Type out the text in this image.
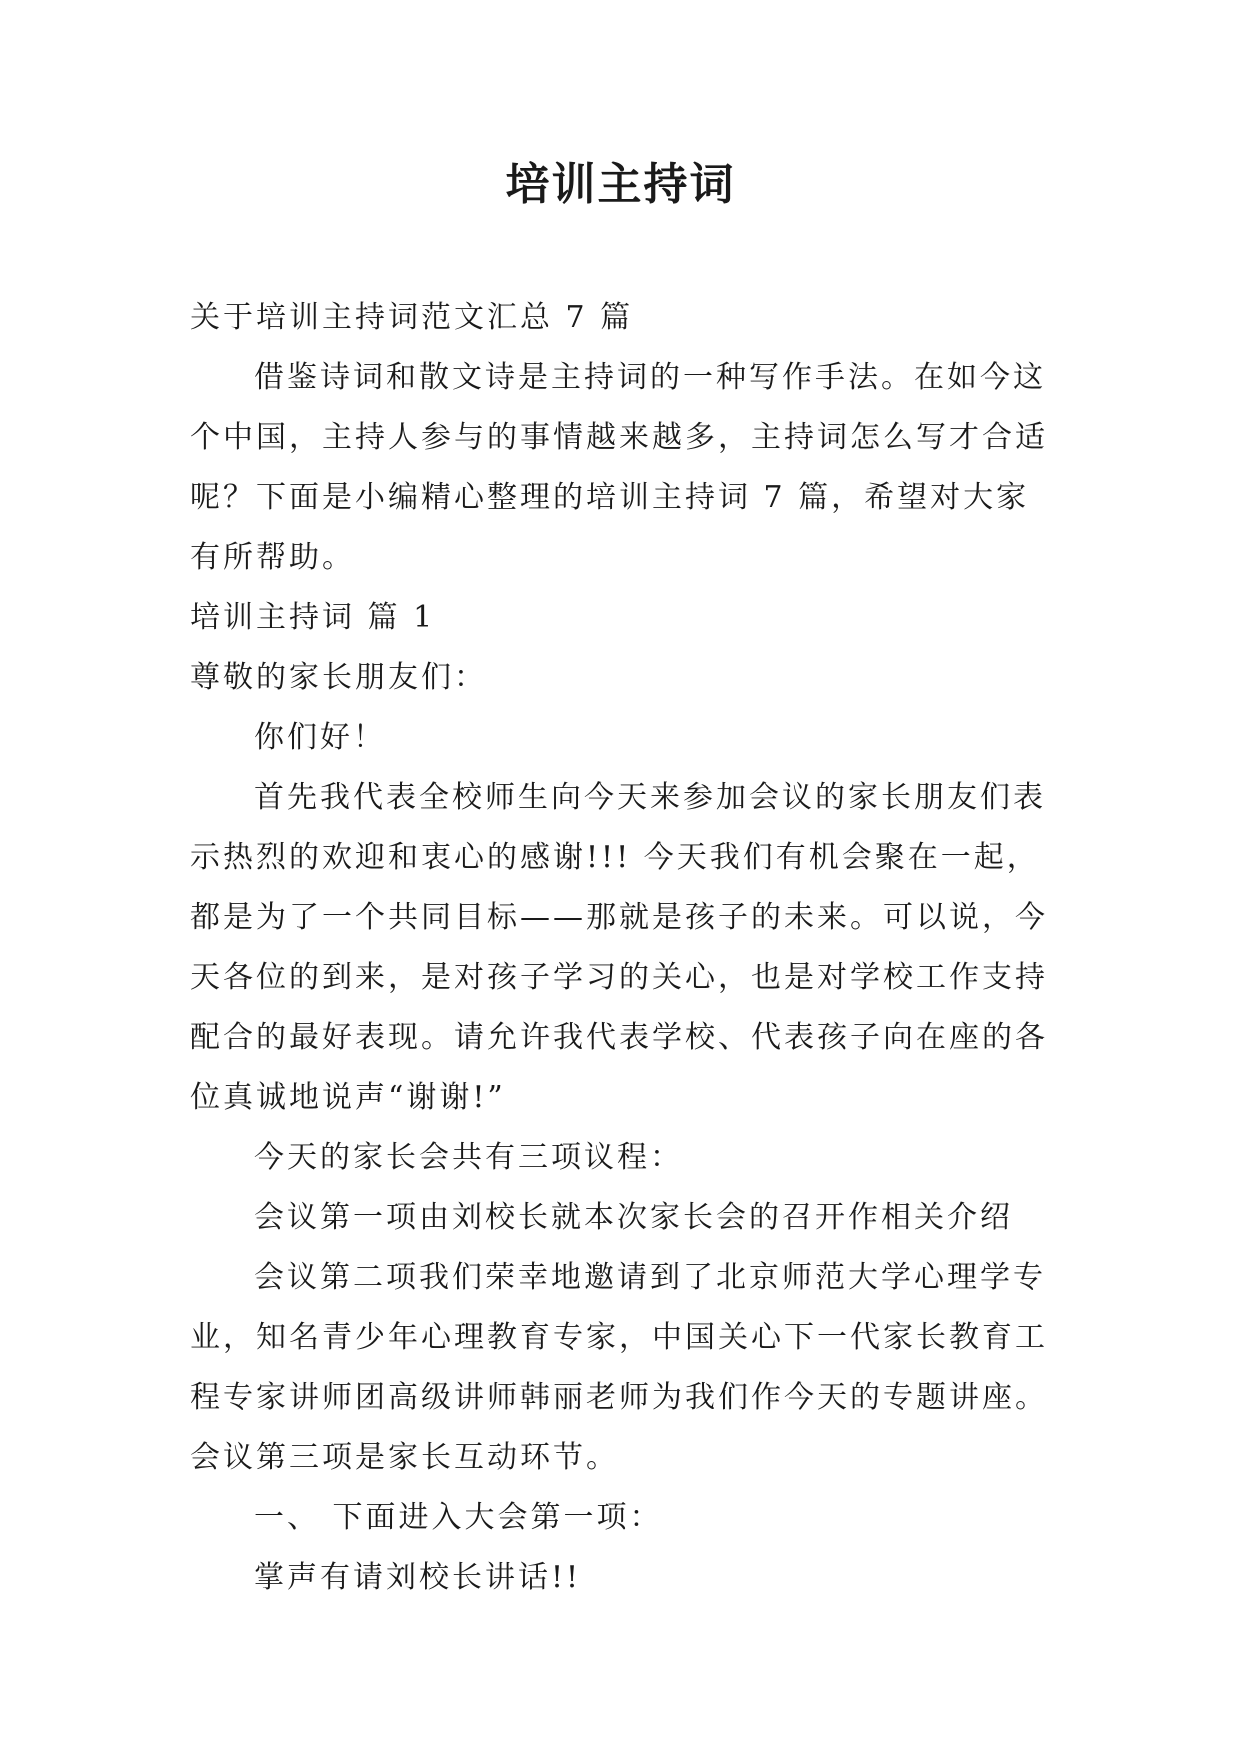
培训主持词

关于培训主持词范文汇总 7 篇

借鉴诗词和散文诗是主持词的一种写作手法。在如今这个中国，主持人参与的事情越来越多，主持词怎么写才合适呢？下面是小编精心整理的培训主持词 7 篇，希望对大家有所帮助。

培训主持词 篇 1

尊敬的家长朋友们：

你们好！

首先我代表全校师生向今天来参加会议的家长朋友们表示热烈的欢迎和衷心的感谢!!! 今天我们有机会聚在一起，都是为了一个共同目标——那就是孩子的未来。可以说，今天各位的到来，是对孩子学习的关心，也是对学校工作支持配合的最好表现。请允许我代表学校、代表孩子向在座的各位真诚地说声“谢谢!”

今天的家长会共有三项议程：

会议第一项由刘校长就本次家长会的召开作相关介绍

会议第二项我们荣幸地邀请到了北京师范大学心理学专业，知名青少年心理教育专家，中国关心下一代家长教育工程专家讲师团高级讲师韩丽老师为我们作今天的专题讲座。 会议第三项是家长互动环节。

一、 下面进入大会第一项：

掌声有请刘校长讲话!!
